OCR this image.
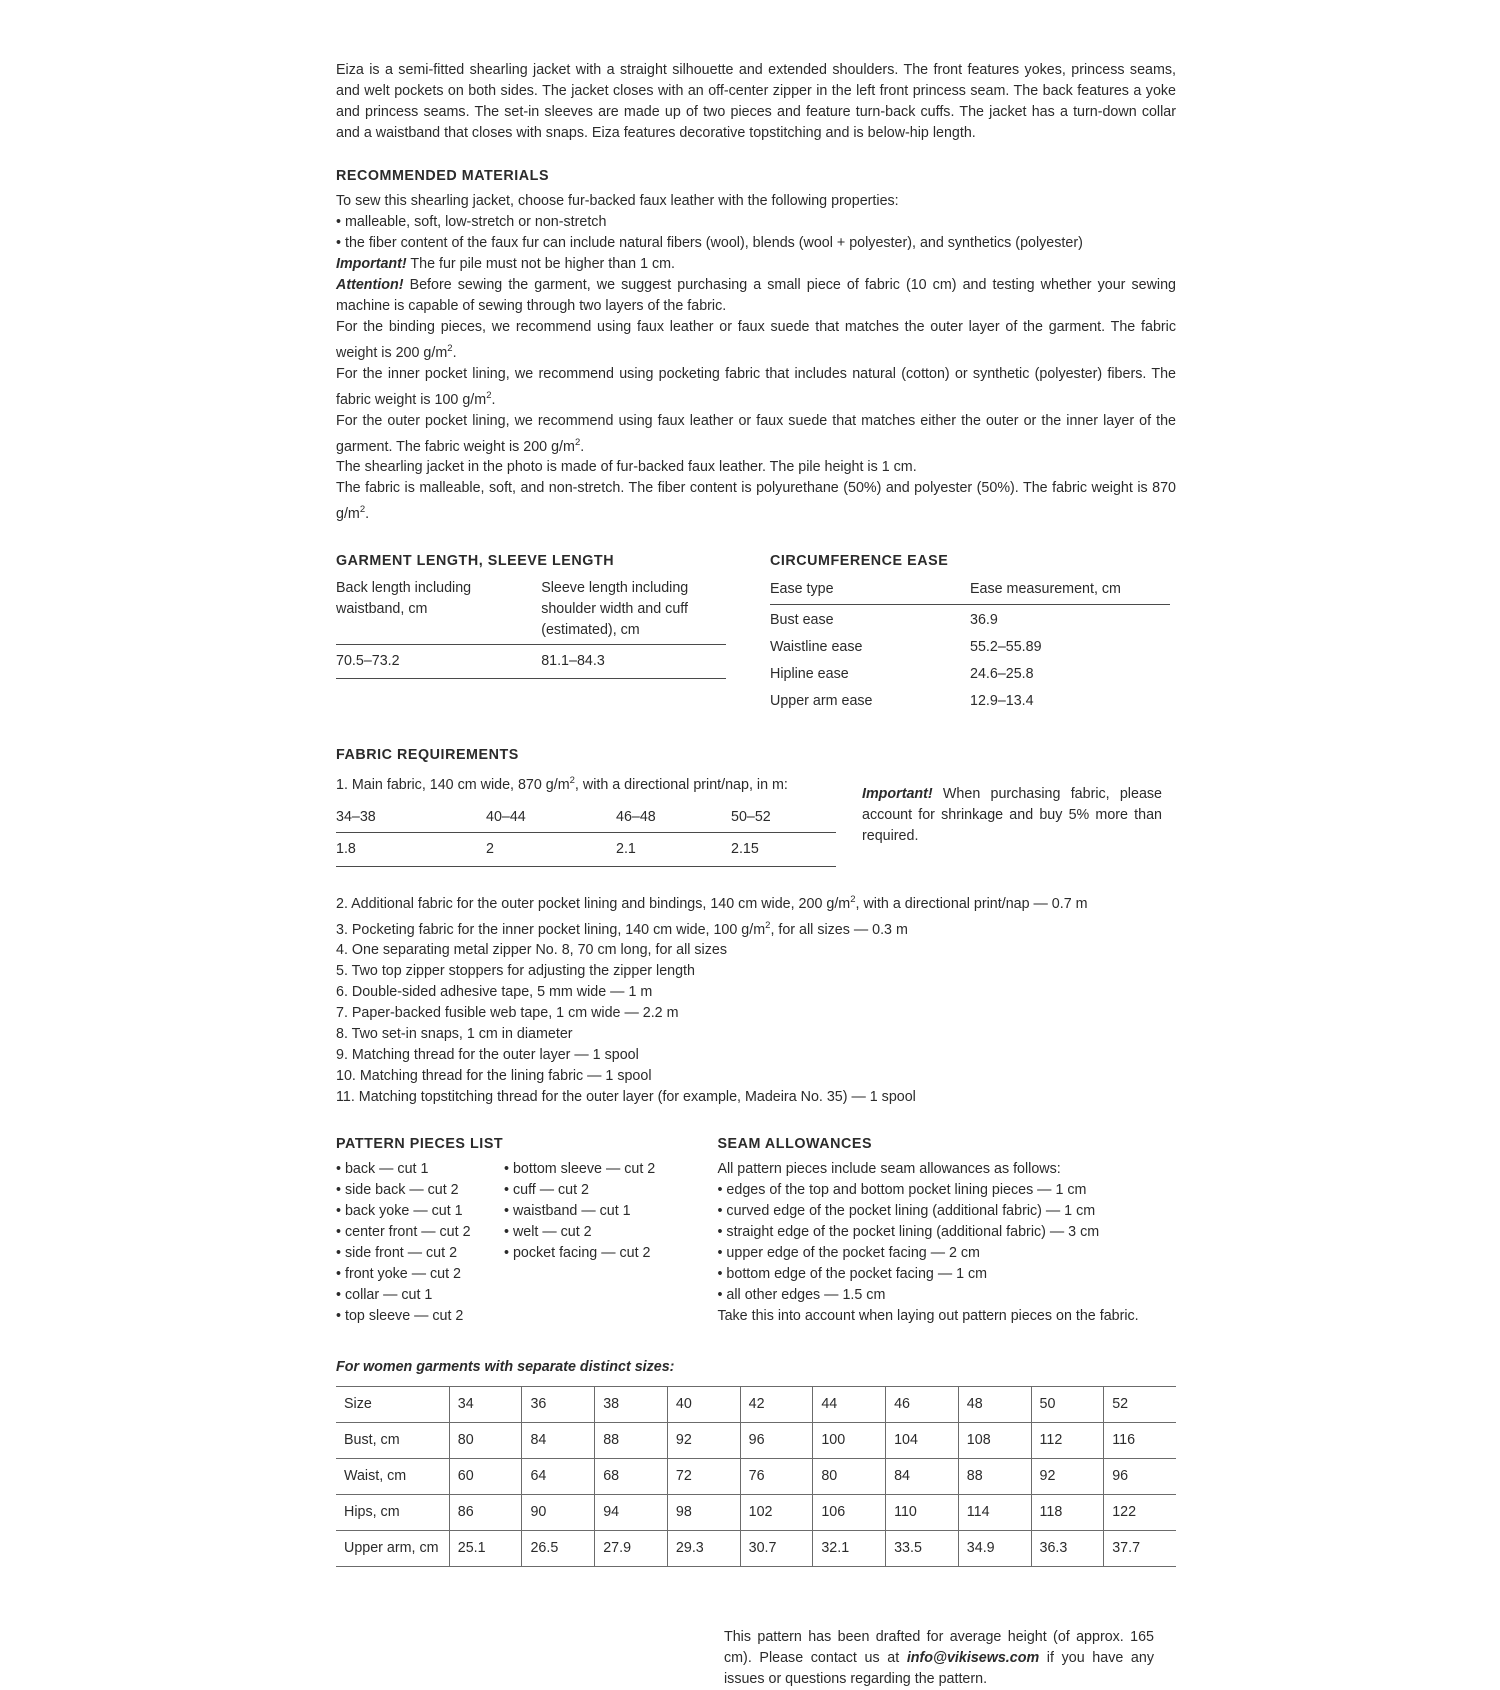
Eiza is a semi-fitted shearling jacket with a straight silhouette and extended shoulders. The front features yokes, princess seams, and welt pockets on both sides. The jacket closes with an off-center zipper in the left front princess seam. The back features a yoke and princess seams. The set-in sleeves are made up of two pieces and feature turn-back cuffs. The jacket has a turn-down collar and a waistband that closes with snaps. Eiza features decorative topstitching and is below-hip length.

RECOMMENDED MATERIALS

To sew this shearling jacket, choose fur-backed faux leather with the following properties:

• malleable, soft, low-stretch or non-stretch

• the fiber content of the faux fur can include natural fibers (wool), blends (wool + polyester), and synthetics (polyester)

Important! The fur pile must not be higher than 1 cm.

Attention! Before sewing the garment, we suggest purchasing a small piece of fabric (10 cm) and testing whether your sewing machine is capable of sewing through two layers of the fabric.

For the binding pieces, we recommend using faux leather or faux suede that matches the outer layer of the garment. The fabric weight is 200 $g/m^2$.

For the inner pocket lining, we recommend using pocketing fabric that includes natural (cotton) or synthetic (polyester) fibers. The fabric weight is 100 $g/m^2$.

For the outer pocket lining, we recommend using faux leather or faux suede that matches either the outer or the inner layer of the garment. The fabric weight is 200 $g/m^2$.

The shearling jacket in the photo is made of fur-backed faux leather. The pile height is 1 cm.

The fabric is malleable, soft, and non-stretch. The fiber content is polyurethane (50%) and polyester (50%). The fabric weight is 870 $g/m^2$.

GARMENT LENGTH, SLEEVE LENGTH
Back length including waistband, cm	Sleeve length including shoulder width and cuff (estimated), cm
70.5–73.2	81.1–84.3
CIRCUMFERENCE EASE
Ease type	Ease measurement, cm
Bust ease	36.9
Waistline ease	55.2–55.89
Hipline ease	24.6–25.8
Upper arm ease	12.9–13.4
FABRIC REQUIREMENTS

1. Main fabric, 140 cm wide, 870 $g/m^2$, with a directional print/nap, in m:

34–38	40–44	46–48	50–52
1.8	2	2.1	2.15
Important! When purchasing fabric, please account for shrinkage and buy 5% more than required.

2. Additional fabric for the outer pocket lining and bindings, 140 cm wide, 200 $g/m^2$, with a directional print/nap — 0.7 m

3. Pocketing fabric for the inner pocket lining, 140 cm wide, 100 $g/m^2$, for all sizes — 0.3 m

4. One separating metal zipper No. 8, 70 cm long, for all sizes

5. Two top zipper stoppers for adjusting the zipper length

6. Double-sided adhesive tape, 5 mm wide — 1 m

7. Paper-backed fusible web tape, 1 cm wide — 2.2 m

8. Two set-in snaps, 1 cm in diameter

9. Matching thread for the outer layer — 1 spool

10. Matching thread for the lining fabric — 1 spool

11. Matching topstitching thread for the outer layer (for example, Madeira No. 35) — 1 spool

PATTERN PIECES LIST
• back — cut 1
• side back — cut 2
• back yoke — cut 1
• center front — cut 2
• side front — cut 2
• front yoke — cut 2
• collar — cut 1
• top sleeve — cut 2
• bottom sleeve — cut 2
• cuff — cut 2
• waistband — cut 1
• welt — cut 2
• pocket facing — cut 2
SEAM ALLOWANCES

All pattern pieces include seam allowances as follows:

• edges of the top and bottom pocket lining pieces — 1 cm
• curved edge of the pocket lining (additional fabric) — 1 cm
• straight edge of the pocket lining (additional fabric) — 3 cm
• upper edge of the pocket facing — 2 cm
• bottom edge of the pocket facing — 1 cm
• all other edges — 1.5 cm

Take this into account when laying out pattern pieces on the fabric.

For women garments with separate distinct sizes:
Size	34	36	38	40	42	44	46	48	50	52
Bust, cm	80	84	88	92	96	100	104	108	112	116
Waist, cm	60	64	68	72	76	80	84	88	92	96
Hips, cm	86	90	94	98	102	106	110	114	118	122
Upper arm, cm	25.1	26.5	27.9	29.3	30.7	32.1	33.5	34.9	36.3	37.7
This pattern has been drafted for average height (of approx. 165 cm). Please contact us at info@vikisews.com if you have any issues or questions regarding the pattern.
